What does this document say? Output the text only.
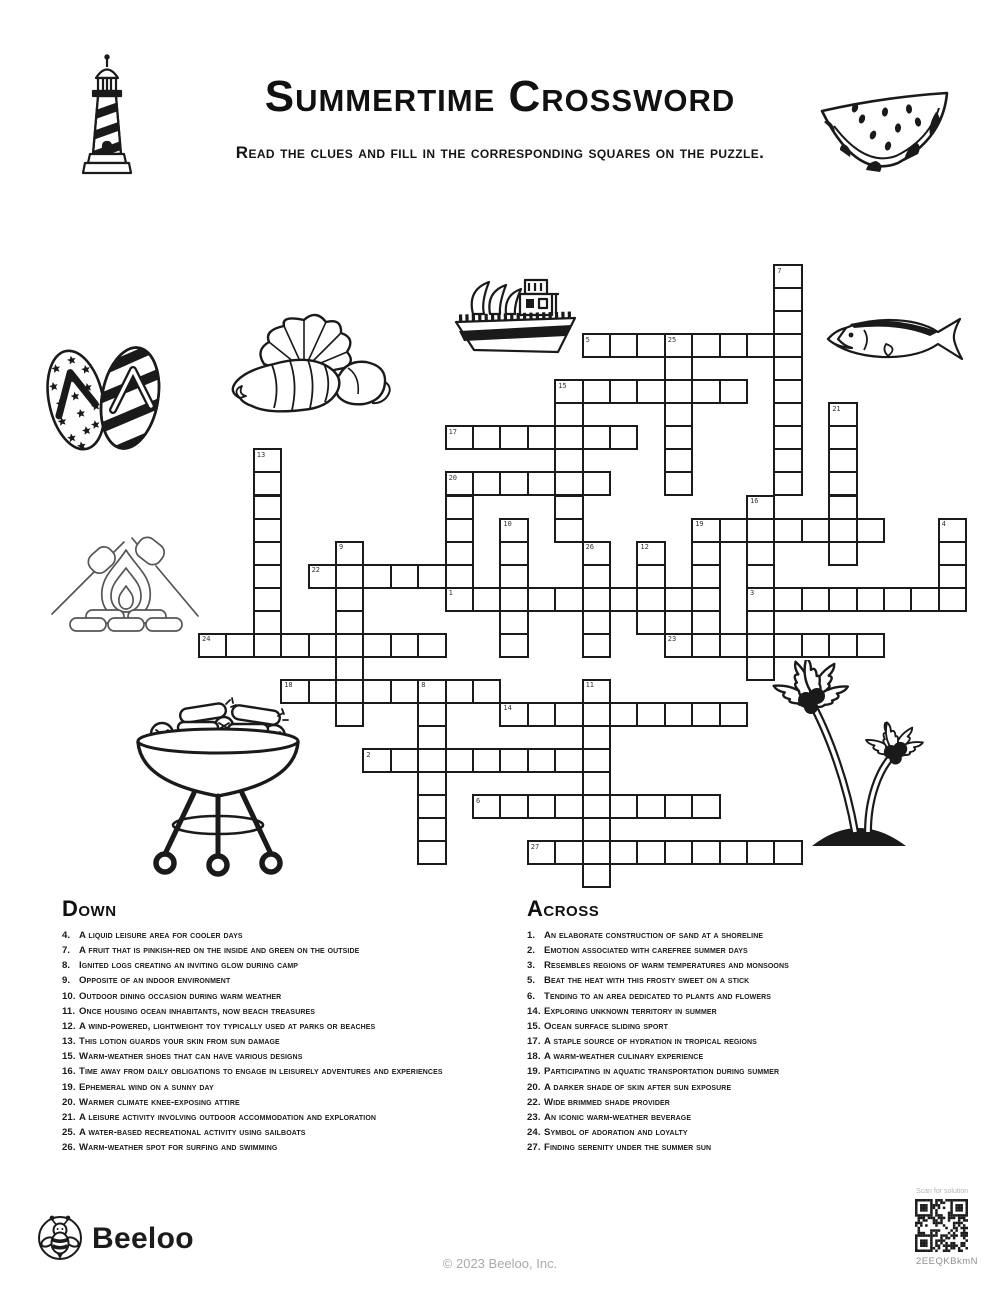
Summertime Crossword
Read the clues and fill in the corresponding squares on the puzzle.
1
2
3
5	25
6
14
15
17
18	8
19
20
22
23
24
27
4
7
9
10
11
12
13
16
21
26
Down
4. A liquid leisure area for cooler days
7. A fruit that is pinkish-red on the inside and green on the outside
8. Ignited logs creating an inviting glow during camp
9. Opposite of an indoor environment
10. Outdoor dining occasion during warm weather
11. Once housing ocean inhabitants, now beach treasures
12. A wind-powered, lightweight toy typically used at parks or beaches
13. This lotion guards your skin from sun damage
15. Warm-weather shoes that can have various designs
16. Time away from daily obligations to engage in leisurely adventures and experiences
19. Ephemeral wind on a sunny day
20. Warmer climate knee-exposing attire
21. A leisure activity involving outdoor accommodation and exploration
25. A water-based recreational activity using sailboats
26. Warm-weather spot for surfing and swimming
Across
1. An elaborate construction of sand at a shoreline
2. Emotion associated with carefree summer days
3. Resembles regions of warm temperatures and monsoons
5. Beat the heat with this frosty sweet on a stick
6. Tending to an area dedicated to plants and flowers
14. Exploring unknown territory in summer
15. Ocean surface sliding sport
17. A staple source of hydration in tropical regions
18. A warm-weather culinary experience
19. Participating in aquatic transportation during summer
20. A darker shade of skin after sun exposure
22. Wide brimmed shade provider
23. An iconic warm-weather beverage
24. Symbol of adoration and loyalty
27. Finding serenity under the summer sun
Beeloo
© 2023 Beeloo, Inc.
Scan for solution
2EEQKBkmN
